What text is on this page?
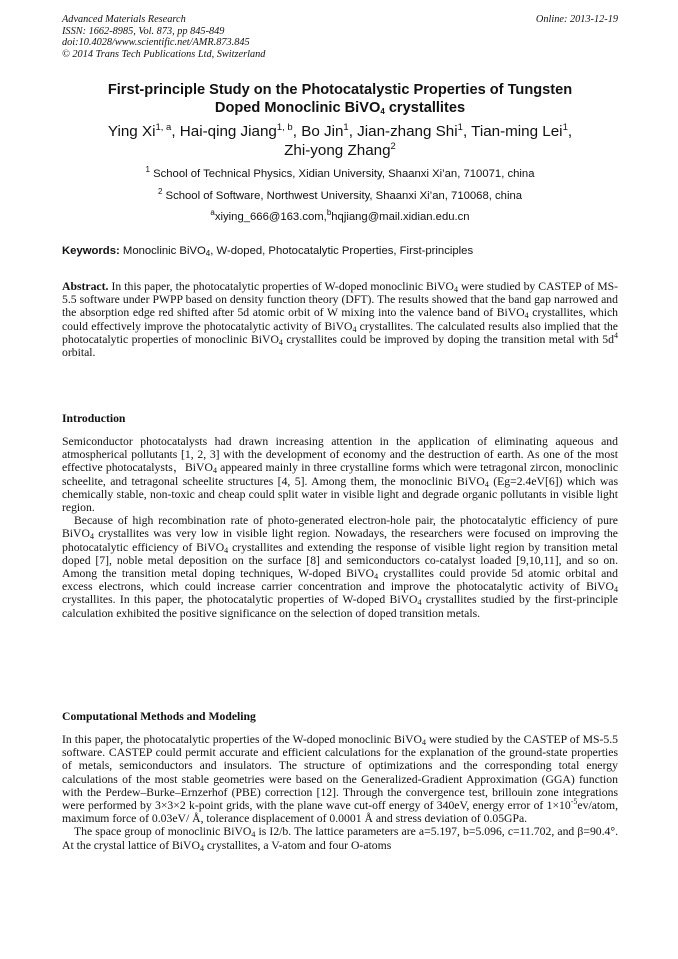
Advanced Materials Research
ISSN: 1662-8985, Vol. 873, pp 845-849
doi:10.4028/www.scientific.net/AMR.873.845
© 2014 Trans Tech Publications Ltd, Switzerland
Online: 2013-12-19
First-principle Study on the Photocatalystic Properties of Tungsten
Doped Monoclinic BiVO$_4$ crystallites
Ying Xi$^{1, a}$, Hai-qing Jiang$^{1, b}$, Bo Jin$^1$, Jian-zhang Shi$^1$, Tian-ming Lei$^1$,
Zhi-yong Zhang$^2$
$^1$ School of Technical Physics, Xidian University, Shaanxi Xi’an, 710071, china
$^2$ School of Software, Northwest University, Shaanxi Xi’an, 710068, china
$^a$xiying_666@163.com,$^b$hqjiang@mail.xidian.edu.cn
Keywords: Monoclinic BiVO$_4$, W-doped, Photocatalytic Properties, First-principles

Abstract. In this paper, the photocatalytic properties of W-doped monoclinic BiVO$_4$ were studied by CASTEP of MS-5.5 software under PWPP based on density function theory (DFT). The results showed that the band gap narrowed and the absorption edge red shifted after 5d atomic orbit of W mixing into the valence band of BiVO$_4$ crystallites, which could effectively improve the photocatalytic activity of BiVO$_4$ crystallites. The calculated results also implied that the photocatalytic properties of monoclinic BiVO$_4$ crystallites could be improved by doping the transition metal with $5d^4$ orbital.

Introduction

Semiconductor photocatalysts had drawn increasing attention in the application of eliminating aqueous and atmospherical pollutants [1, 2, 3] with the development of economy and the destruction of earth. As one of the most effective photocatalysts，BiVO$_4$ appeared mainly in three crystalline forms which were tetragonal zircon, monoclinic scheelite, and tetragonal scheelite structures [4, 5]. Among them, the monoclinic BiVO$_4$ (Eg=2.4eV[6]) which was chemically stable, non-toxic and cheap could split water in visible light and degrade organic pollutants in visible light region.

Because of high recombination rate of photo-generated electron-hole pair, the photocatalytic efficiency of pure BiVO$_4$ crystallites was very low in visible light region. Nowadays, the researchers were focused on improving the photocatalytic efficiency of BiVO$_4$ crystallites and extending the response of visible light region by transition metal doped [7], noble metal deposition on the surface [8] and semiconductors co-catalyst loaded [9,10,11], and so on. Among the transition metal doping techniques, W-doped BiVO$_4$ crystallites could provide 5d atomic orbital and excess electrons, which could increase carrier concentration and improve the photocatalytic activity of BiVO$_4$ crystallites. In this paper, the photocatalytic properties of W-doped BiVO$_4$ crystallites studied by the first-principle calculation exhibited the positive significance on the selection of doped transition metals.

Computational Methods and Modeling

In this paper, the photocatalytic properties of the W-doped monoclinic BiVO$_4$ were studied by the CASTEP of MS-5.5 software. CASTEP could permit accurate and efficient calculations for the explanation of the ground-state properties of metals, semiconductors and insulators. The structure of optimizations and the corresponding total energy calculations of the most stable geometries were based on the Generalized-Gradient Approximation (GGA) function with the Perdew–Burke–Ernzerhof (PBE) correction [12]. Through the convergence test, brillouin zone integrations were performed by 3×3×2 k-point grids, with the plane wave cut-off energy of 340eV, energy error of $1\times 10^{-5}ev$/atom, maximum force of 0.03eV/ Å, tolerance displacement of 0.0001 Å and stress deviation of 0.05GPa.

The space group of monoclinic BiVO$_4$ is I2/b. The lattice parameters are a=5.197, b=5.096, c=11.702, and β=90.4°. At the crystal lattice of BiVO$_4$ crystallites, a V-atom and four O-atoms
